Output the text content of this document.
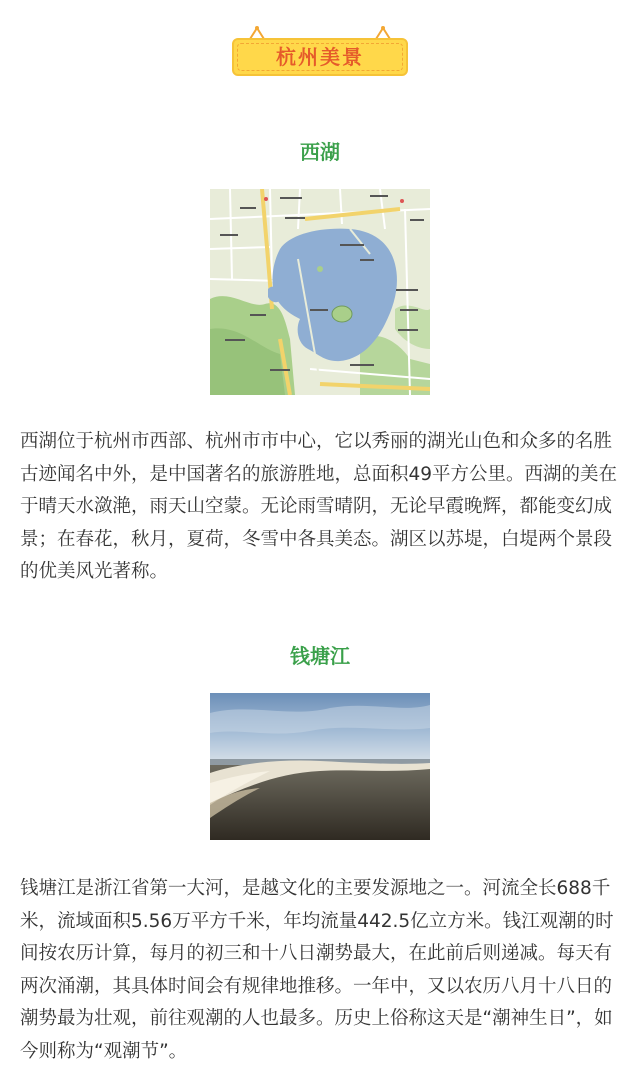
杭州美景
西湖
西湖位于杭州市西部、杭州市市中心，它以秀丽的湖光山色和众多的名胜古迹闻名中外，是中国著名的旅游胜地，总面积49平方公里。西湖的美在于晴天水潋滟，雨天山空蒙。无论雨雪晴阴，无论早霞晚辉，都能变幻成景；在春花，秋月，夏荷，冬雪中各具美态。湖区以苏堤，白堤两个景段的优美风光著称。
钱塘江
钱塘江是浙江省第一大河，是越文化的主要发源地之一。河流全长688千米，流域面积5.56万平方千米，年均流量442.5亿立方米。钱江观潮的时间按农历计算，每月的初三和十八日潮势最大，在此前后则递减。每天有两次涌潮，其具体时间会有规律地推移。一年中，又以农历八月十八日的潮势最为壮观，前往观潮的人也最多。历史上俗称这天是“潮神生日”，如今则称为“观潮节”。
